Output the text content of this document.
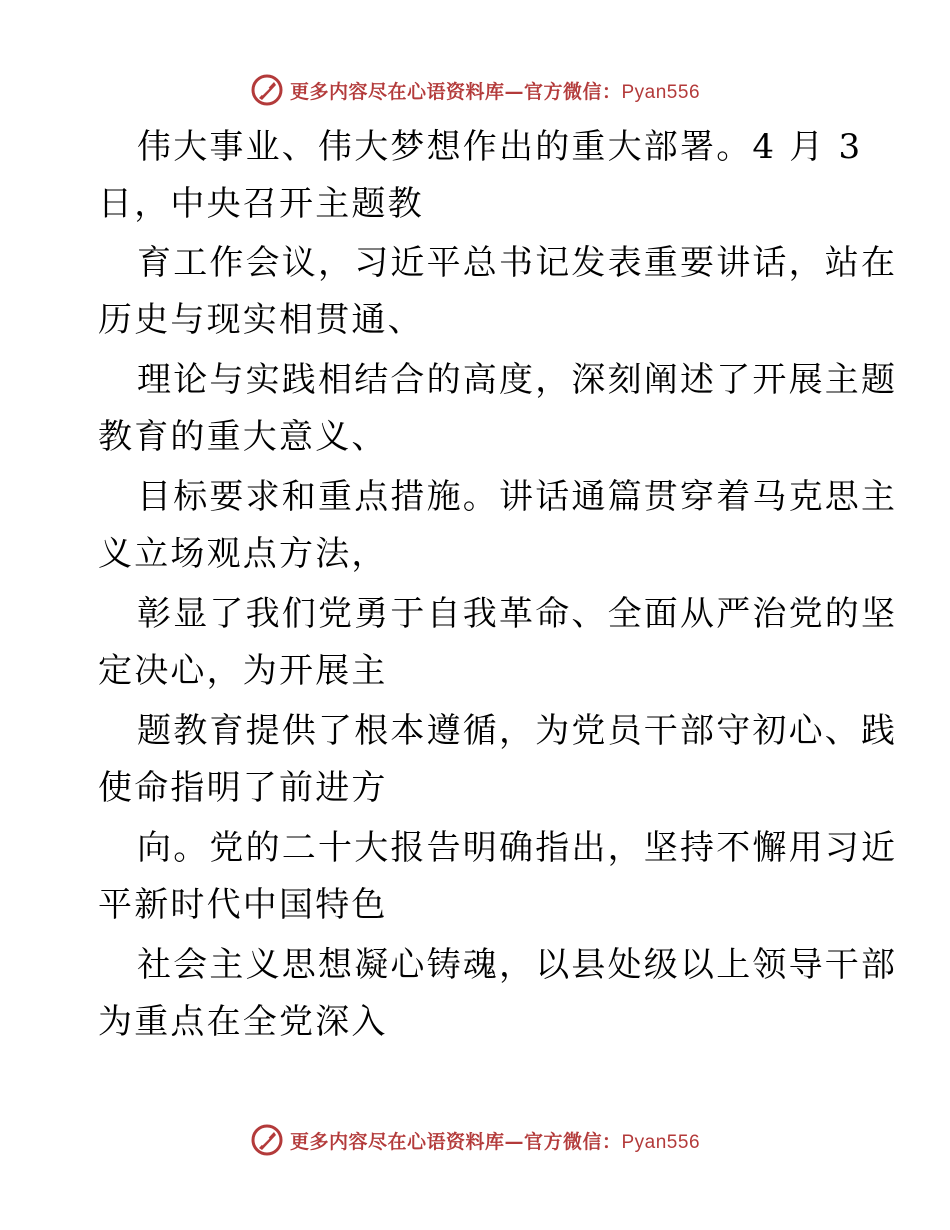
更多内容尽在心语资料库—官方微信：Pyan556
伟大事业、伟大梦想作出的重大部署。4 月 3
日，中央召开主题教
育工作会议，习近平总书记发表重要讲话，站在
历史与现实相贯通、
理论与实践相结合的高度，深刻阐述了开展主题
教育的重大意义、
目标要求和重点措施。讲话通篇贯穿着马克思主
义立场观点方法，
彰显了我们党勇于自我革命、全面从严治党的坚
定决心，为开展主
题教育提供了根本遵循，为党员干部守初心、践
使命指明了前进方
向。党的二十大报告明确指出，坚持不懈用习近
平新时代中国特色
社会主义思想凝心铸魂，以县处级以上领导干部
为重点在全党深入
更多内容尽在心语资料库—官方微信：Pyan556
